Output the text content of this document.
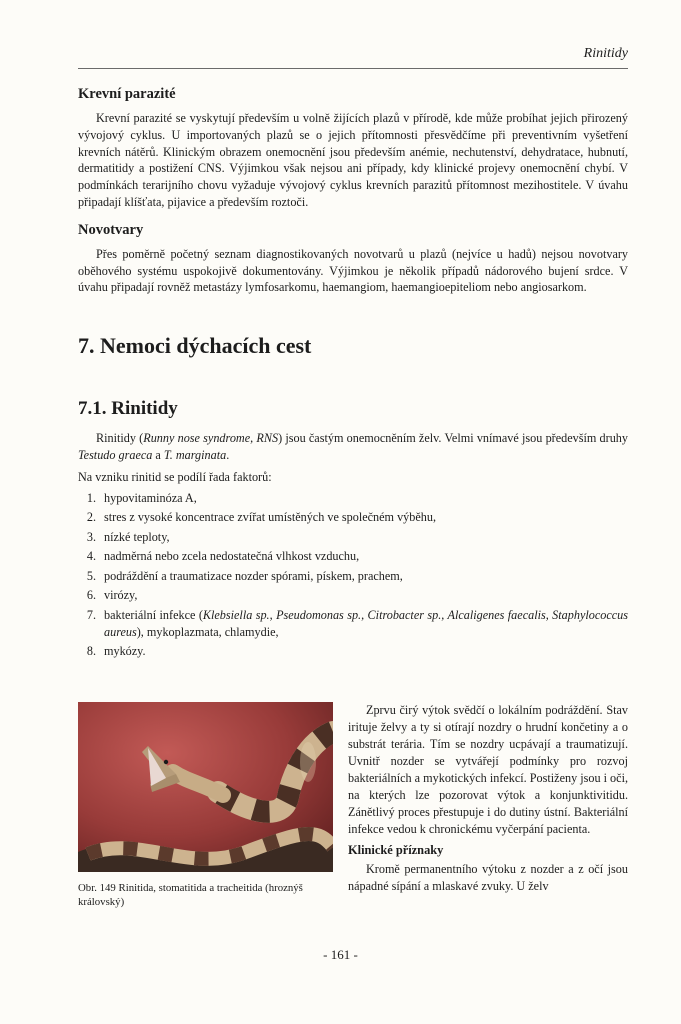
Rinitidy
Krevní parazité

Krevní parazité se vyskytují především u volně žijících plazů v přírodě, kde může probíhat jejich přirozený vývojový cyklus. U importovaných plazů se o jejich přítomnosti přesvědčíme při preventivním vyšetření krevních nátěrů. Klinickým obrazem onemocnění jsou především anémie, nechutenství, dehydratace, hubnutí, dermatitidy a postižení CNS. Výjimkou však nejsou ani případy, kdy klinické projevy onemocnění chybí. V podmínkách terarijního chovu vyžaduje vývojový cyklus krevních parazitů přítomnost mezihostitele. V úvahu připadají klíšťata, pijavice a především roztoči.

Novotvary

Přes poměrně početný seznam diagnostikovaných novotvarů u plazů (nejvíce u hadů) nejsou novotvary oběhového systému uspokojivě dokumentovány. Výjimkou je několik případů nádorového bujení srdce. V úvahu připadají rovněž metastázy lymfosarkomu, haemangiom, haemangioepiteliom nebo angiosarkom.

7. Nemoci dýchacích cest
7.1. Rinitidy

Rinitidy (Runny nose syndrome, RNS) jsou častým onemocněním želv. Velmi vnímavé jsou především druhy Testudo graeca a T. marginata.

Na vzniku rinitid se podílí řada faktorů:

1. hypovitaminóza A,
2. stres z vysoké koncentrace zvířat umístěných ve společném výběhu,
3. nízké teploty,
4. nadměrná nebo zcela nedostatečná vlhkost vzduchu,
5. podráždění a traumatizace nozder spórami, pískem, prachem,
6. virózy,
7. bakteriální infekce (Klebsiella sp., Pseudomonas sp., Citrobacter sp., Alcaligenes faecalis, Staphylococcus aureus), mykoplazmata, chlamydie,
8. mykózy.
Obr. 149 Rinitida, stomatitida a tracheitida (hroznýš královský)

Zprvu čirý výtok svědčí o lokálním podráždění. Stav irituje želvy a ty si otírají nozdry o hrudní končetiny a o substrát terária. Tím se nozdry ucpávají a traumatizují. Uvnitř nozder se vytvářejí podmínky pro rozvoj bakteriálních a mykotických infekcí. Postiženy jsou i oči, na kterých lze pozorovat výtok a konjunktivitidu. Zánětlivý proces přestupuje i do dutiny ústní. Bakteriální infekce vedou k chronickému vyčerpání pacienta.

Klinické příznaky

Kromě permanentního výtoku z nozder a z očí jsou nápadné sípání a mlaskavé zvuky. U želv

- 161 -
